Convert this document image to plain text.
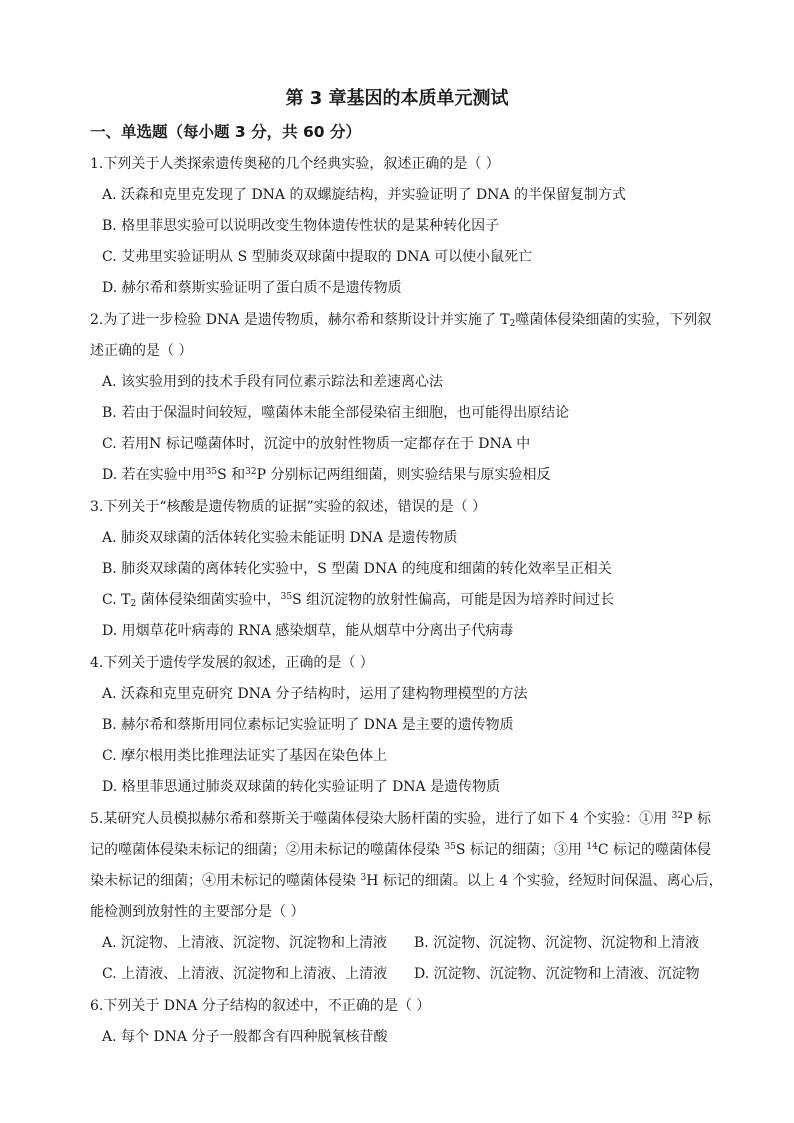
第 3 章基因的本质单元测试
一、单选题（每小题 3 分，共 60 分）
1.下列关于人类探索遗传奥秘的几个经典实验，叙述正确的是（ ）
A. 沃森和克里克发现了 DNA 的双螺旋结构，并实验证明了 DNA 的半保留复制方式
B. 格里菲思实验可以说明改变生物体遗传性状的是某种转化因子
C. 艾弗里实验证明从 S 型肺炎双球菌中提取的 DNA 可以使小鼠死亡
D. 赫尔希和蔡斯实验证明了蛋白质不是遗传物质
2.为了进一步检验 DNA 是遗传物质，赫尔希和蔡斯设计并实施了 $T_2$噬菌体侵染细菌的实验，下列叙
述正确的是（ ）
A. 该实验用到的技术手段有同位素示踪法和差速离心法
B. 若由于保温时间较短，噬菌体未能全部侵染宿主细胞，也可能得出原结论
C. 若用N 标记噬菌体时，沉淀中的放射性物质一定都存在于 DNA 中
D. 若在实验中用$^{35}$S 和$^{32}$P 分别标记两组细菌，则实验结果与原实验相反
3.下列关于“核酸是遗传物质的证据”实验的叙述，错误的是（ ）
A. 肺炎双球菌的活体转化实验未能证明 DNA 是遗传物质
B. 肺炎双球菌的离体转化实验中，S 型菌 DNA 的纯度和细菌的转化效率呈正相关
C. $T_2$ 菌体侵染细菌实验中，$^{35}$S 组沉淀物的放射性偏高，可能是因为培养时间过长
D. 用烟草花叶病毒的 RNA 感染烟草，能从烟草中分离出子代病毒
4.下列关于遗传学发展的叙述，正确的是（ ）
A. 沃森和克里克研究 DNA 分子结构时，运用了建构物理模型的方法
B. 赫尔希和蔡斯用同位素标记实验证明了 DNA 是主要的遗传物质
C. 摩尔根用类比推理法证实了基因在染色体上
D. 格里菲思通过肺炎双球菌的转化实验证明了 DNA 是遗传物质
5.某研究人员模拟赫尔希和蔡斯关于噬菌体侵染大肠杆菌的实验，进行了如下 4 个实验：①用 $^{32}$P 标
记的噬菌体侵染未标记的细菌；②用未标记的噬菌体侵染 $^{35}$S 标记的细菌；③用 $^{14}$C 标记的噬菌体侵
染未标记的细菌；④用未标记的噬菌体侵染 $^3$H 标记的细菌。以上 4 个实验，经短时间保温、离心后，
能检测到放射性的主要部分是（ ）
A. 沉淀物、上清液、沉淀物、沉淀物和上清液 B. 沉淀物、沉淀物、沉淀物、沉淀物和上清液
C. 上清液、上清液、沉淀物和上清液、上清液 D. 沉淀物、沉淀物、沉淀物和上清液、沉淀物
6.下列关于 DNA 分子结构的叙述中，不正确的是（ ）
A. 每个 DNA 分子一般都含有四种脱氧核苷酸
